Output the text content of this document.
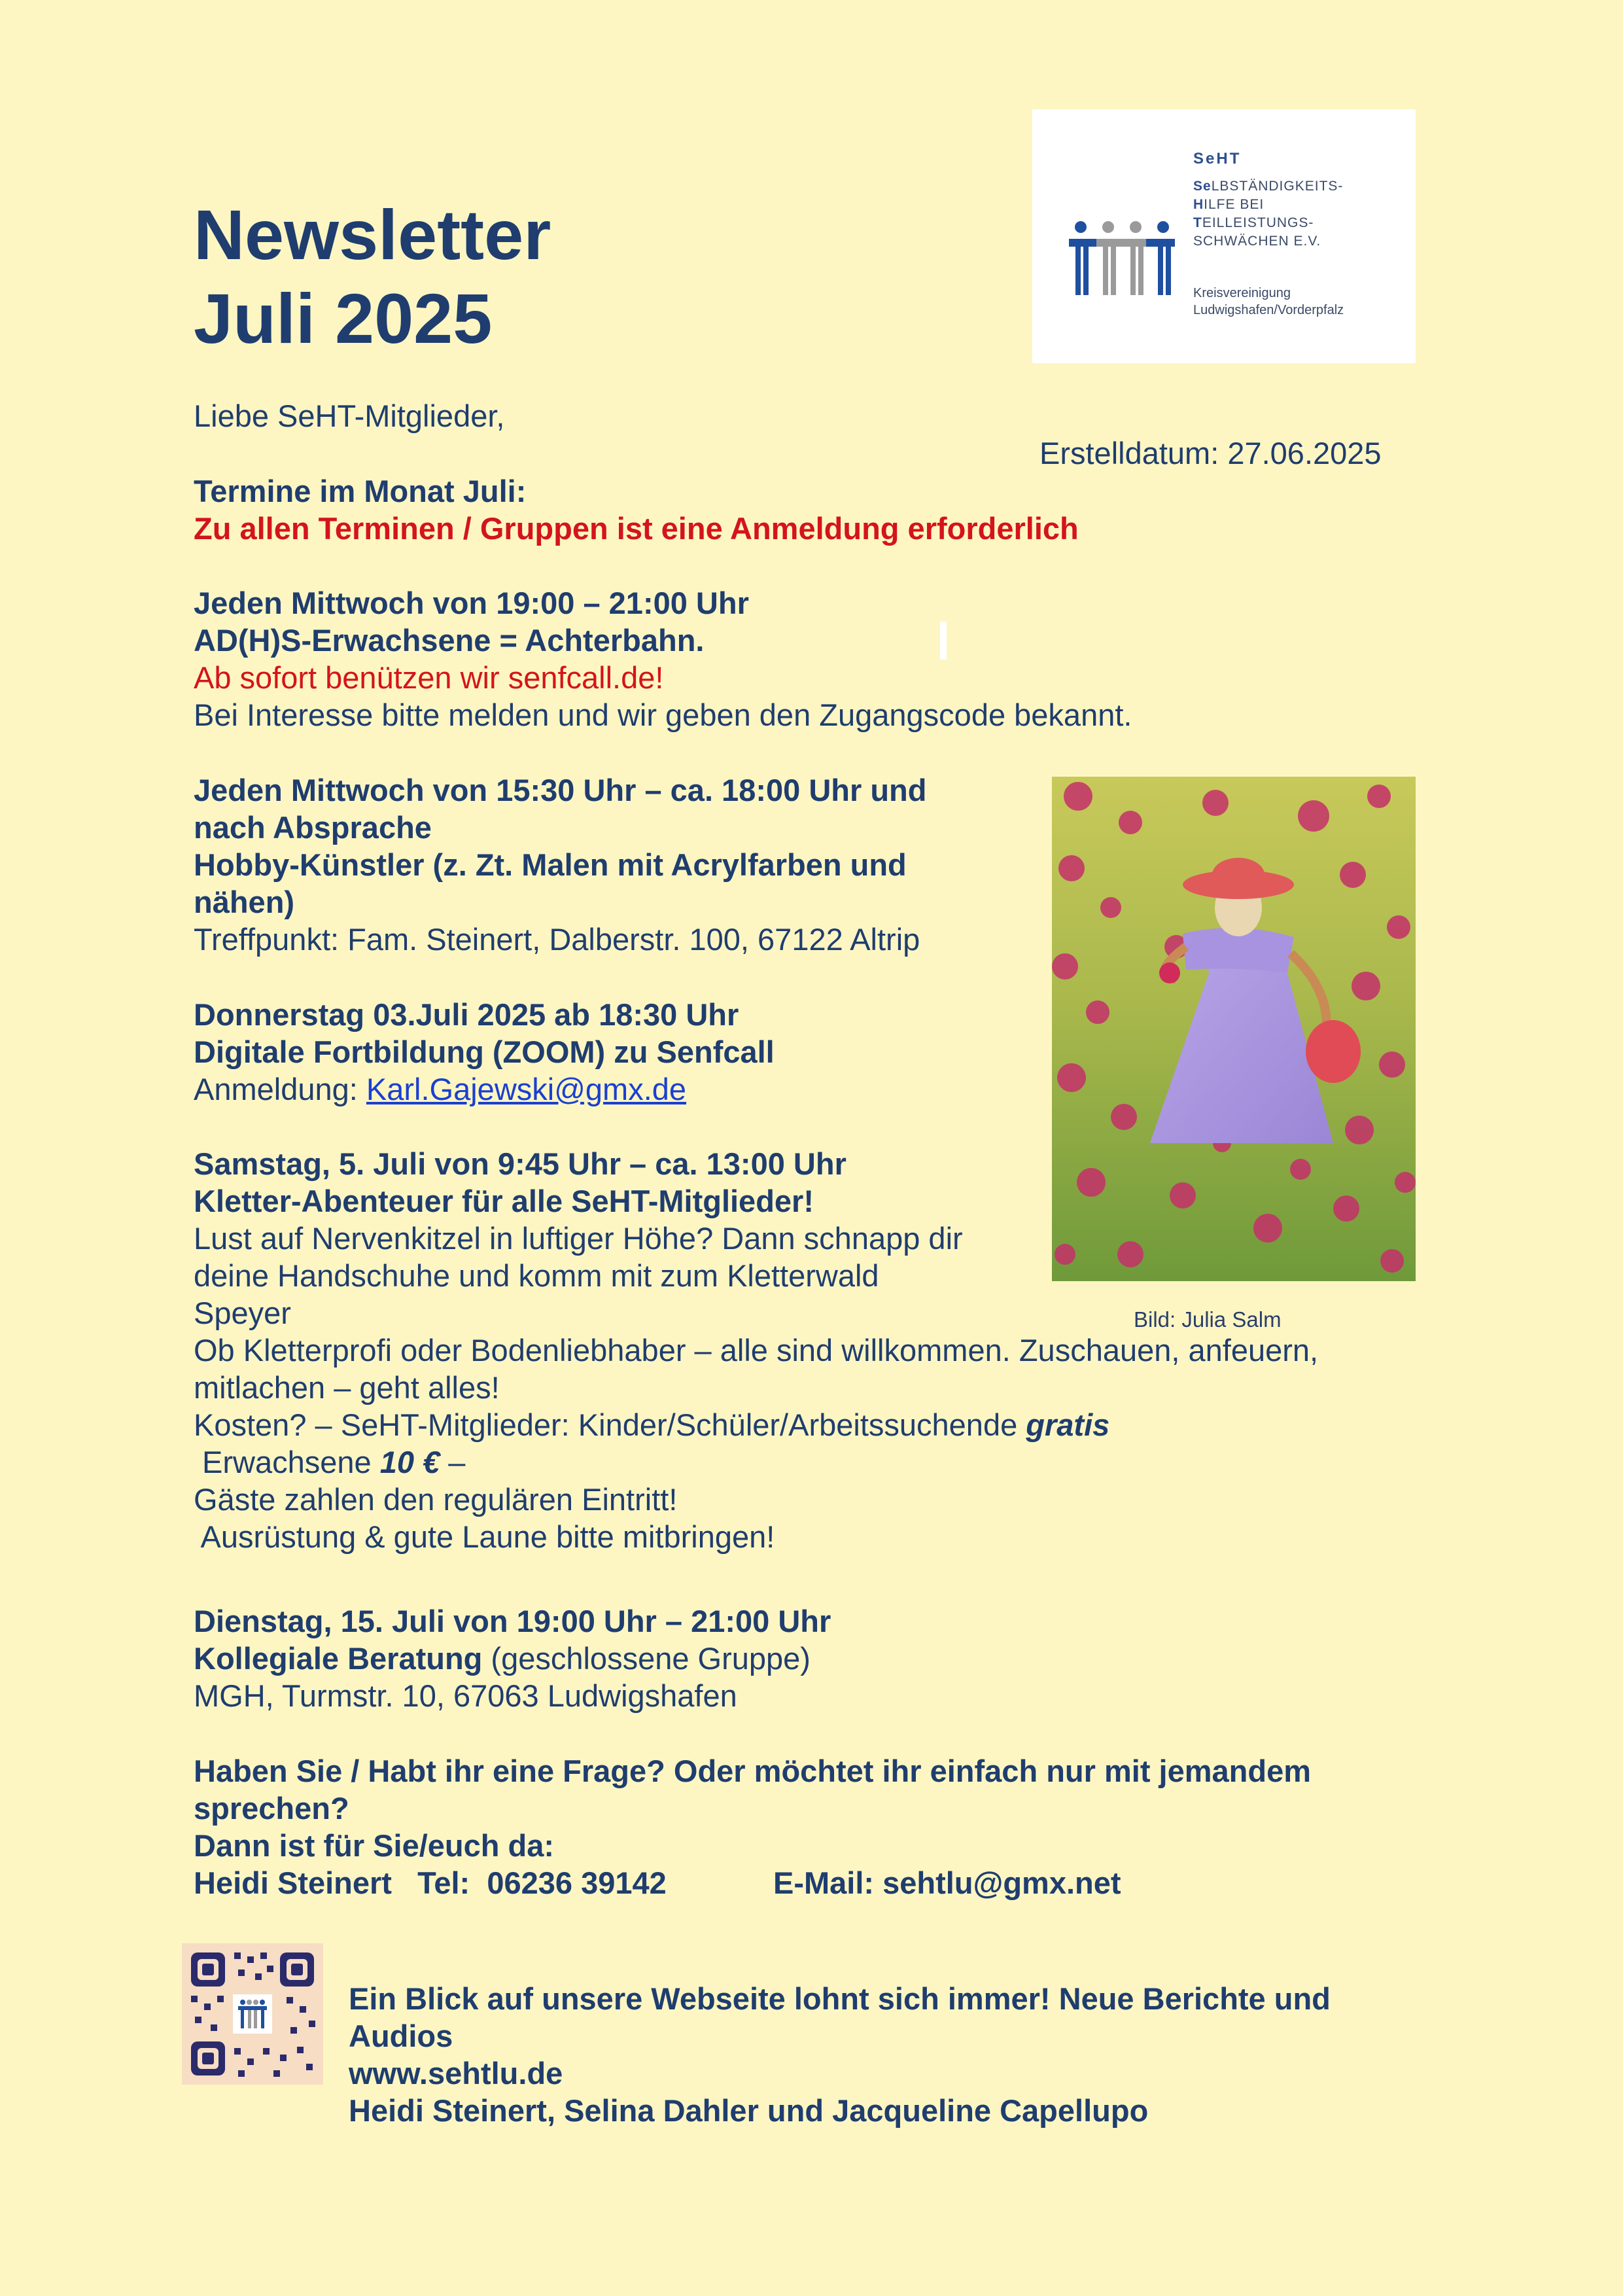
Newsletter
Juli 2025
SeHT
SeLBSTÄNDIGKEITS-
HILFE BEI
TEILLEISTUNGS-
SCHWÄCHEN E.V.
Kreisvereinigung
Ludwigshafen/Vorderpfalz
Liebe SeHT-Mitglieder,
Erstelldatum: 27.06.2025
Termine im Monat Juli:
Zu allen Terminen / Gruppen ist eine Anmeldung erforderlich
Jeden Mittwoch von 19:00 – 21:00 Uhr
AD(H)S-Erwachsene = Achterbahn.
Ab sofort benützen wir senfcall.de!
Bei Interesse bitte melden und wir geben den Zugangscode bekannt.
Jeden Mittwoch von 15:30 Uhr – ca. 18:00 Uhr und
nach Absprache
Hobby-Künstler (z. Zt. Malen mit Acrylfarben und
nähen)
Treffpunkt: Fam. Steinert, Dalberstr. 100, 67122 Altrip
Donnerstag 03.Juli 2025 ab 18:30 Uhr
Digitale Fortbildung (ZOOM) zu Senfcall
Anmeldung: Karl.Gajewski@gmx.de
Samstag, 5. Juli von 9:45 Uhr – ca. 13:00 Uhr
Kletter-Abenteuer für alle SeHT-Mitglieder!
Lust auf Nervenkitzel in luftiger Höhe? Dann schnapp dir
deine Handschuhe und komm mit zum Kletterwald
Speyer
Ob Kletterprofi oder Bodenliebhaber – alle sind willkommen. Zuschauen, anfeuern,
mitlachen – geht alles!
Kosten? – SeHT-Mitglieder: Kinder/Schüler/Arbeitssuchende gratis
Erwachsene 10 € –
Gäste zahlen den regulären Eintritt!
Ausrüstung & gute Laune bitte mitbringen!
Bild: Julia Salm
Dienstag, 15. Juli von 19:00 Uhr – 21:00 Uhr
Kollegiale Beratung (geschlossene Gruppe)
MGH, Turmstr. 10, 67063 Ludwigshafen
Haben Sie / Habt ihr eine Frage? Oder möchtet ihr einfach nur mit jemandem
sprechen?
Dann ist für Sie/euch da:
Heidi Steinert   Tel:  06236 39142	E-Mail: sehtlu@gmx.net
Ein Blick auf unsere Webseite lohnt sich immer! Neue Berichte und
Audios
www.sehtlu.de
Heidi Steinert, Selina Dahler und Jacqueline Capellupo
